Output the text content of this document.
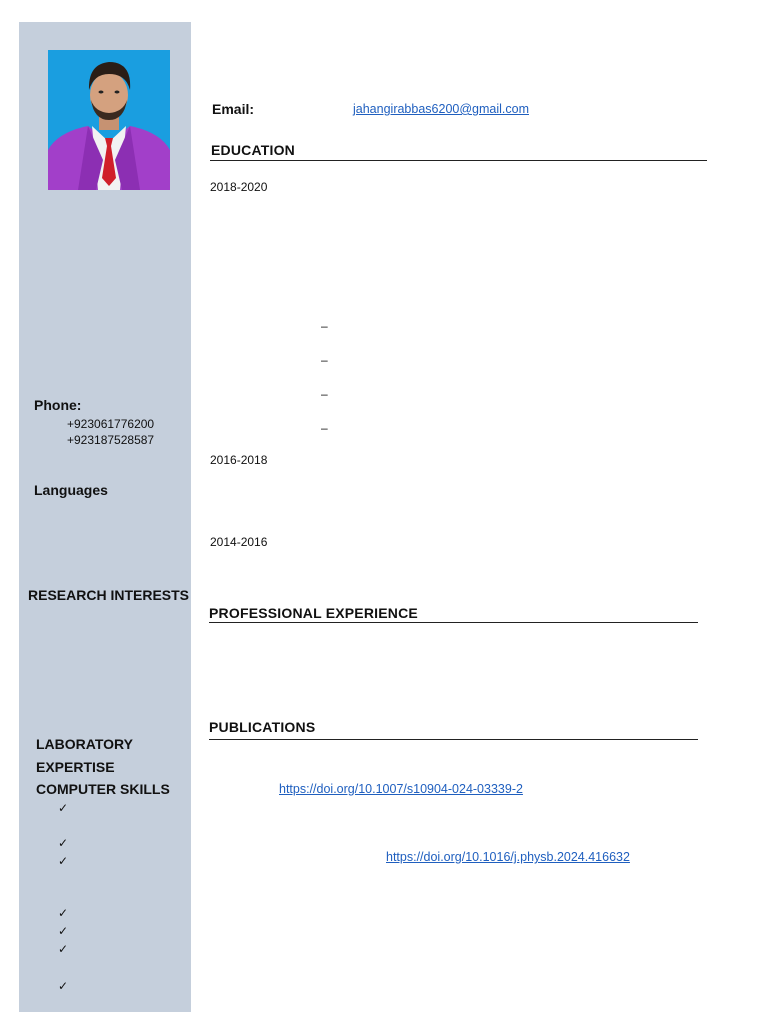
Email:	jahangirabbas6200@gmail.com
Phone:
+923061776200
+923187528587
Languages
RESEARCH INTERESTS
LABORATORY
EXPERTISE
COMPUTER SKILLS
✓
✓
✓
✓
✓
✓
✓
EDUCATION
2018-2020
–
–
–
–
2016-2018
2014-2016
PROFESSIONAL EXPERIENCE
PUBLICATIONS
https://doi.org/10.1007/s10904-024-03339-2
https://doi.org/10.1016/j.physb.2024.416632
